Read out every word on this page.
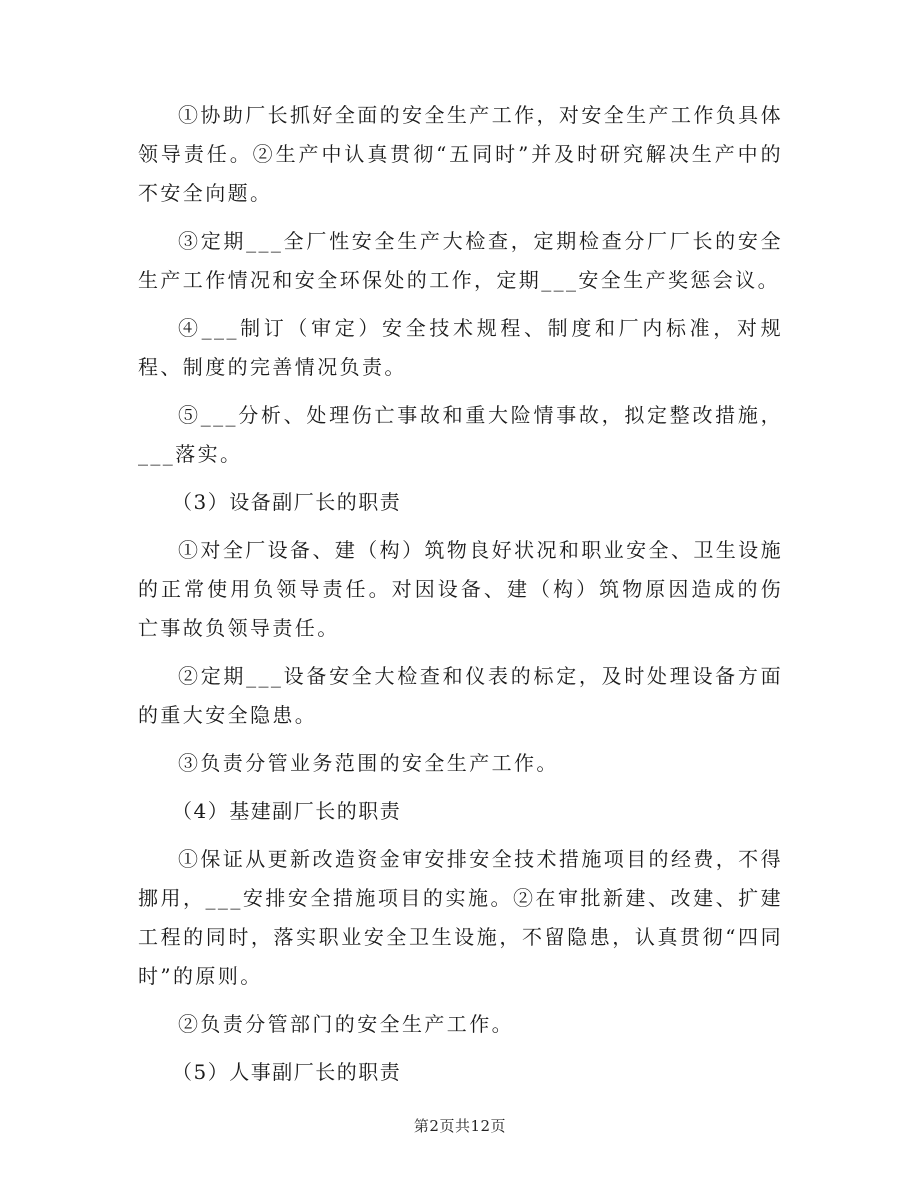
①协助厂长抓好全面的安全生产工作，对安全生产工作负具体领导责任。②生产中认真贯彻“五同时”并及时研究解决生产中的不安全向题。

③定期___全厂性安全生产大检查，定期检查分厂厂长的安全生产工作情况和安全环保处的工作，定期___安全生产奖惩会议。

④___制订（审定）安全技术规程、制度和厂内标准，对规程、制度的完善情况负责。

⑤___分析、处理伤亡事故和重大险情事故，拟定整改措施，___落实。

（3）设备副厂长的职责

①对全厂设备、建（构）筑物良好状况和职业安全、卫生设施的正常使用负领导责任。对因设备、建（构）筑物原因造成的伤亡事故负领导责任。

②定期___设备安全大检查和仪表的标定，及时处理设备方面的重大安全隐患。

③负责分管业务范围的安全生产工作。

（4）基建副厂长的职责

①保证从更新改造资金审安排安全技术措施项目的经费，不得挪用，___安排安全措施项目的实施。②在审批新建、改建、扩建工程的同时，落实职业安全卫生设施，不留隐患，认真贯彻“四同时”的原则。

②负责分管部门的安全生产工作。

（5）人事副厂长的职责

第2页共12页
